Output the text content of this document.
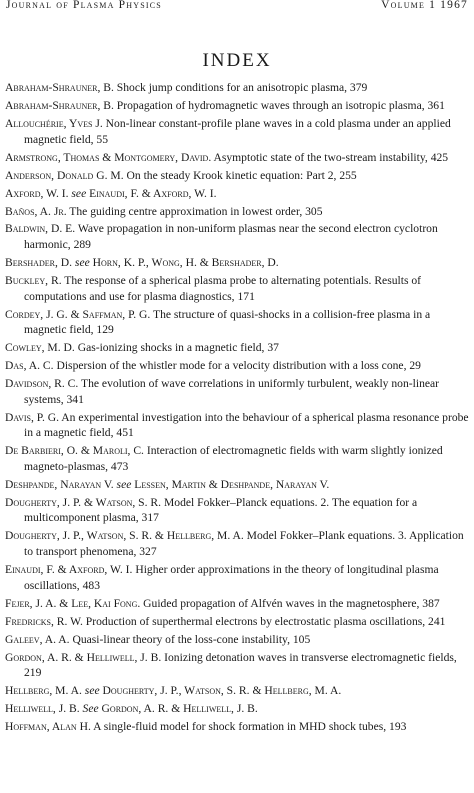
Journal of Plasma Physics	Volume 1 1967
INDEX
Abraham-Shrauner, B. Shock jump conditions for an anisotropic plasma, 379
Abraham-Shrauner, B. Propagation of hydromagnetic waves through an isotropic plasma, 361
Allouchérie, Yves J. Non-linear constant-profile plane waves in a cold plasma under an applied magnetic field, 55
Armstrong, Thomas & Montgomery, David. Asymptotic state of the two-stream instability, 425
Anderson, Donald G. M. On the steady Krook kinetic equation: Part 2, 255
Axford, W. I. see Einaudi, F. & Axford, W. I.
Baños, A. Jr. The guiding centre approximation in lowest order, 305
Baldwin, D. E. Wave propagation in non-uniform plasmas near the second electron cyclotron harmonic, 289
Bershader, D. see Horn, K. P., Wong, H. & Bershader, D.
Buckley, R. The response of a spherical plasma probe to alternating potentials. Results of computations and use for plasma diagnostics, 171
Cordey, J. G. & Saffman, P. G. The structure of quasi-shocks in a collision-free plasma in a magnetic field, 129
Cowley, M. D. Gas-ionizing shocks in a magnetic field, 37
Das, A. C. Dispersion of the whistler mode for a velocity distribution with a loss cone, 29
Davidson, R. C. The evolution of wave correlations in uniformly turbulent, weakly non-linear systems, 341
Davis, P. G. An experimental investigation into the behaviour of a spherical plasma resonance probe in a magnetic field, 451
De Barbieri, O. & Maroli, C. Interaction of electromagnetic fields with warm slightly ionized magneto-plasmas, 473
Deshpande, Narayan V. see Lessen, Martin & Deshpande, Narayan V.
Dougherty, J. P. & Watson, S. R. Model Fokker–Planck equations. 2. The equation for a multicomponent plasma, 317
Dougherty, J. P., Watson, S. R. & Hellberg, M. A. Model Fokker–Plank equations. 3. Application to transport phenomena, 327
Einaudi, F. & Axford, W. I. Higher order approximations in the theory of longitudinal plasma oscillations, 483
Fejer, J. A. & Lee, Kai Fong. Guided propagation of Alfvén waves in the magnetosphere, 387
Fredricks, R. W. Production of superthermal electrons by electrostatic plasma oscillations, 241
Galeev, A. A. Quasi-linear theory of the loss-cone instability, 105
Gordon, A. R. & Helliwell, J. B. Ionizing detonation waves in transverse electromagnetic fields, 219
Hellberg, M. A. see Dougherty, J. P., Watson, S. R. & Hellberg, M. A.
Helliwell, J. B. See Gordon, A. R. & Helliwell, J. B.
Hoffman, Alan H. A single-fluid model for shock formation in MHD shock tubes, 193
